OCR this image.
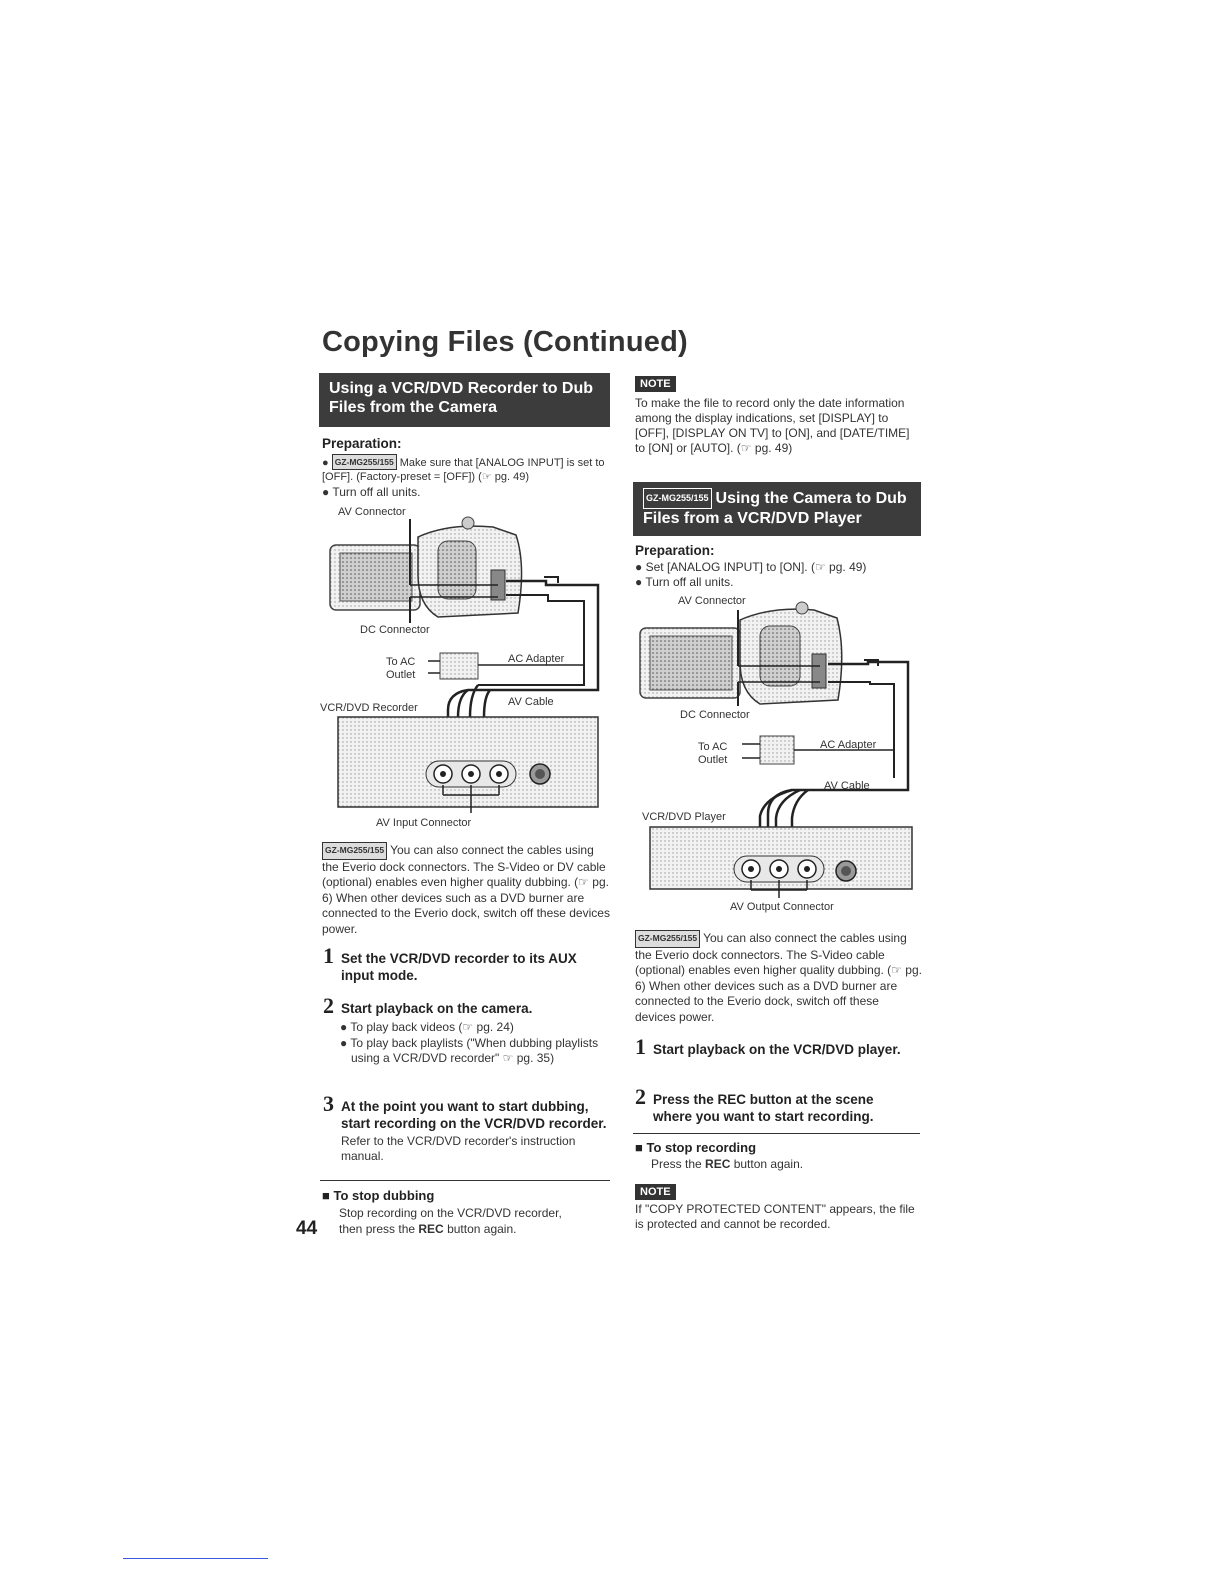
Copying Files (Continued)
Using a VCR/DVD Recorder to Dub Files from the Camera
Preparation:
● GZ-MG255/155 Make sure that [ANALOG INPUT] is set to [OFF]. (Factory-preset = [OFF]) (☞ pg. 49)
● Turn off all units.
AV Connector
DC Connector
To AC
Outlet
AC Adapter
AV Cable
VCR/DVD Recorder
AV Input Connector
GZ-MG255/155 You can also connect the cables using the Everio dock connectors. The S-Video or DV cable (optional) enables even higher quality dubbing. (☞ pg. 6) When other devices such as a DVD burner are connected to the Everio dock, switch off these devices power.
1 Set the VCR/DVD recorder to its AUX input mode.
2 Start playback on the camera.
● To play back videos (☞ pg. 24)
● To play back playlists ("When dubbing playlists using a VCR/DVD recorder" ☞ pg. 35)
3 At the point you want to start dubbing, start recording on the VCR/DVD recorder.
Refer to the VCR/DVD recorder's instruction manual.
■ To stop dubbing
Stop recording on the VCR/DVD recorder,
then press the REC button again.
44
NOTE
To make the file to record only the date information among the display indications, set [DISPLAY] to [OFF], [DISPLAY ON TV] to [ON], and [DATE/TIME] to [ON] or [AUTO]. (☞ pg. 49)
GZ-MG255/155 Using the Camera to Dub Files from a VCR/DVD Player
Preparation:
● Set [ANALOG INPUT] to [ON]. (☞ pg. 49)
● Turn off all units.
AV Connector
DC Connector
To AC
Outlet
AC Adapter
AV Cable
VCR/DVD Player
AV Output Connector
GZ-MG255/155 You can also connect the cables using the Everio dock connectors. The S-Video cable (optional) enables even higher quality dubbing. (☞ pg. 6) When other devices such as a DVD burner are connected to the Everio dock, switch off these devices power.
1 Start playback on the VCR/DVD player.
2 Press the REC button at the scene where you want to start recording.
■ To stop recording
Press the REC button again.
NOTE
If "COPY PROTECTED CONTENT" appears, the file is protected and cannot be recorded.
